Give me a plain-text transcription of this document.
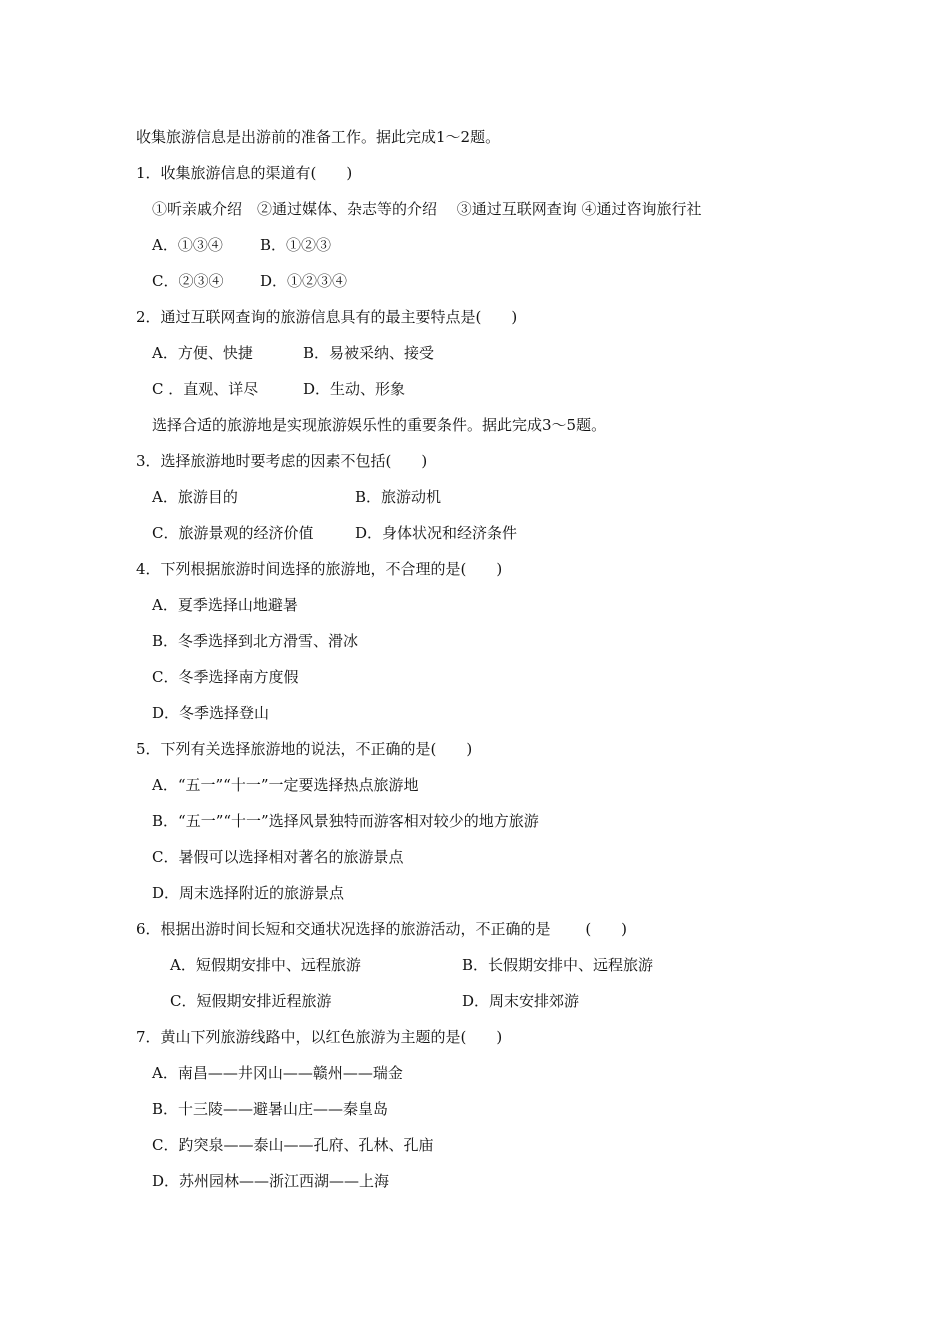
收集旅游信息是出游前的准备工作。据此完成1～2题。

1．收集旅游信息的渠道有(　　)

①听亲戚介绍　②通过媒体、杂志等的介绍　 ③通过互联网查询 ④通过咨询旅行社

A．①③④ B．①②③

C．②③④ D．①②③④

2．通过互联网查询的旅游信息具有的最主要特点是(　　)

A．方便、快捷	B．易被采纳、接受

C ．直观、详尽	D．生动、形象

选择合适的旅游地是实现旅游娱乐性的重要条件。据此完成3～5题。

3．选择旅游地时要考虑的因素不包括(　　)

A．旅游目的	B．旅游动机

C．旅游景观的经济价值	D．身体状况和经济条件

4．下列根据旅游时间选择的旅游地，不合理的是(　　)

A．夏季选择山地避暑

B．冬季选择到北方滑雪、滑冰

C．冬季选择南方度假

D．冬季选择登山

5．下列有关选择旅游地的说法，不正确的是(　　)

A．“五一”“十一”一定要选择热点旅游地

B．“五一”“十一”选择风景独特而游客相对较少的地方旅游

C．暑假可以选择相对著名的旅游景点

D．周末选择附近的旅游景点

6．根据出游时间长短和交通状况选择的旅游活动，不正确的是　　 (　　)

A．短假期安排中、远程旅游	B．长假期安排中、远程旅游

C．短假期安排近程旅游	D．周末安排郊游

7．黄山下列旅游线路中，以红色旅游为主题的是(　　)

A．南昌——井冈山——赣州——瑞金

B．十三陵——避暑山庄——秦皇岛

C．趵突泉——泰山——孔府、孔林、孔庙

D．苏州园林——浙江西湖——上海
